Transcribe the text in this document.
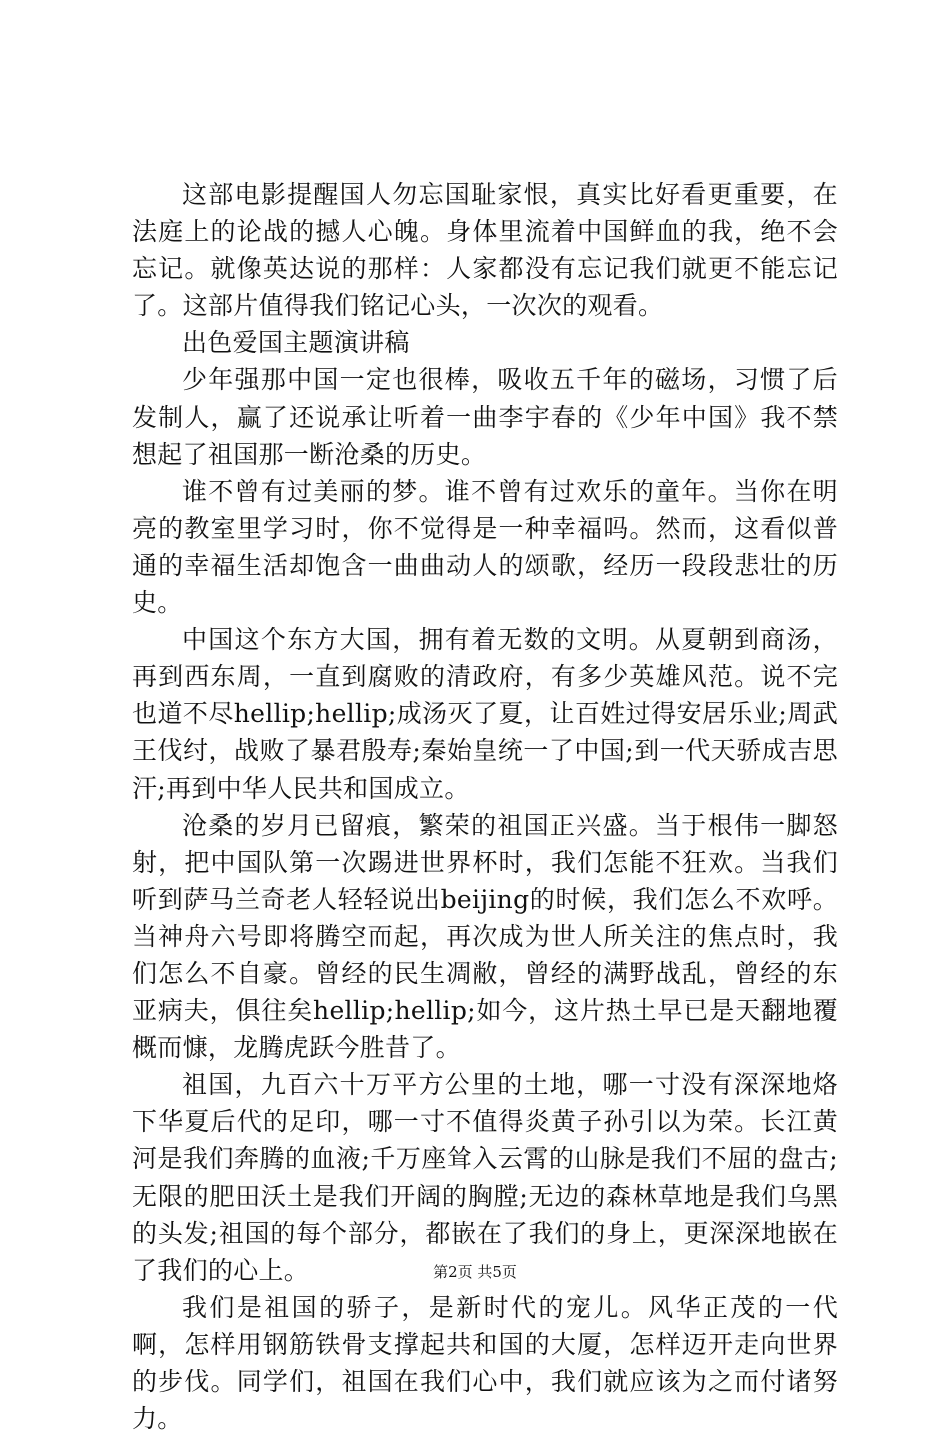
这部电影提醒国人勿忘国耻家恨，真实比好看更重要，在法庭上的论战的撼人心魄。身体里流着中国鲜血的我，绝不会忘记。就像英达说的那样：人家都没有忘记我们就更不能忘记了。这部片值得我们铭记心头，一次次的观看。

出色爱国主题演讲稿

少年强那中国一定也很棒，吸收五千年的磁场，习惯了后发制人，赢了还说承让听着一曲李宇春的《少年中国》我不禁想起了祖国那一断沧桑的历史。

谁不曾有过美丽的梦。谁不曾有过欢乐的童年。当你在明亮的教室里学习时，你不觉得是一种幸福吗。然而，这看似普通的幸福生活却饱含一曲曲动人的颂歌，经历一段段悲壮的历史。

中国这个东方大国，拥有着无数的文明。从夏朝到商汤，再到西东周，一直到腐败的清政府，有多少英雄风范。说不完也道不尽hellip;hellip;成汤灭了夏，让百姓过得安居乐业;周武王伐纣，战败了暴君殷寿;秦始皇统一了中国;到一代天骄成吉思汗;再到中华人民共和国成立。

沧桑的岁月已留痕，繁荣的祖国正兴盛。当于根伟一脚怒射，把中国队第一次踢进世界杯时，我们怎能不狂欢。当我们听到萨马兰奇老人轻轻说出beijing的时候，我们怎么不欢呼。当神舟六号即将腾空而起，再次成为世人所关注的焦点时，我们怎么不自豪。曾经的民生凋敝，曾经的满野战乱，曾经的东亚病夫，俱往矣hellip;hellip;如今，这片热土早已是天翻地覆概而慷，龙腾虎跃今胜昔了。

祖国，九百六十万平方公里的土地，哪一寸没有深深地烙下华夏后代的足印，哪一寸不值得炎黄子孙引以为荣。长江黄河是我们奔腾的血液;千万座耸入云霄的山脉是我们不屈的盘古;无限的肥田沃土是我们开阔的胸膛;无边的森林草地是我们乌黑的头发;祖国的每个部分，都嵌在了我们的身上，更深深地嵌在了我们的心上。

我们是祖国的骄子，是新时代的宠儿。风华正茂的一代啊，怎样用钢筋铁骨支撑起共和国的大厦，怎样迈开走向世界的步伐。同学们，祖国在我们心中，我们就应该为之而付诸努力。

第2页 共5页
